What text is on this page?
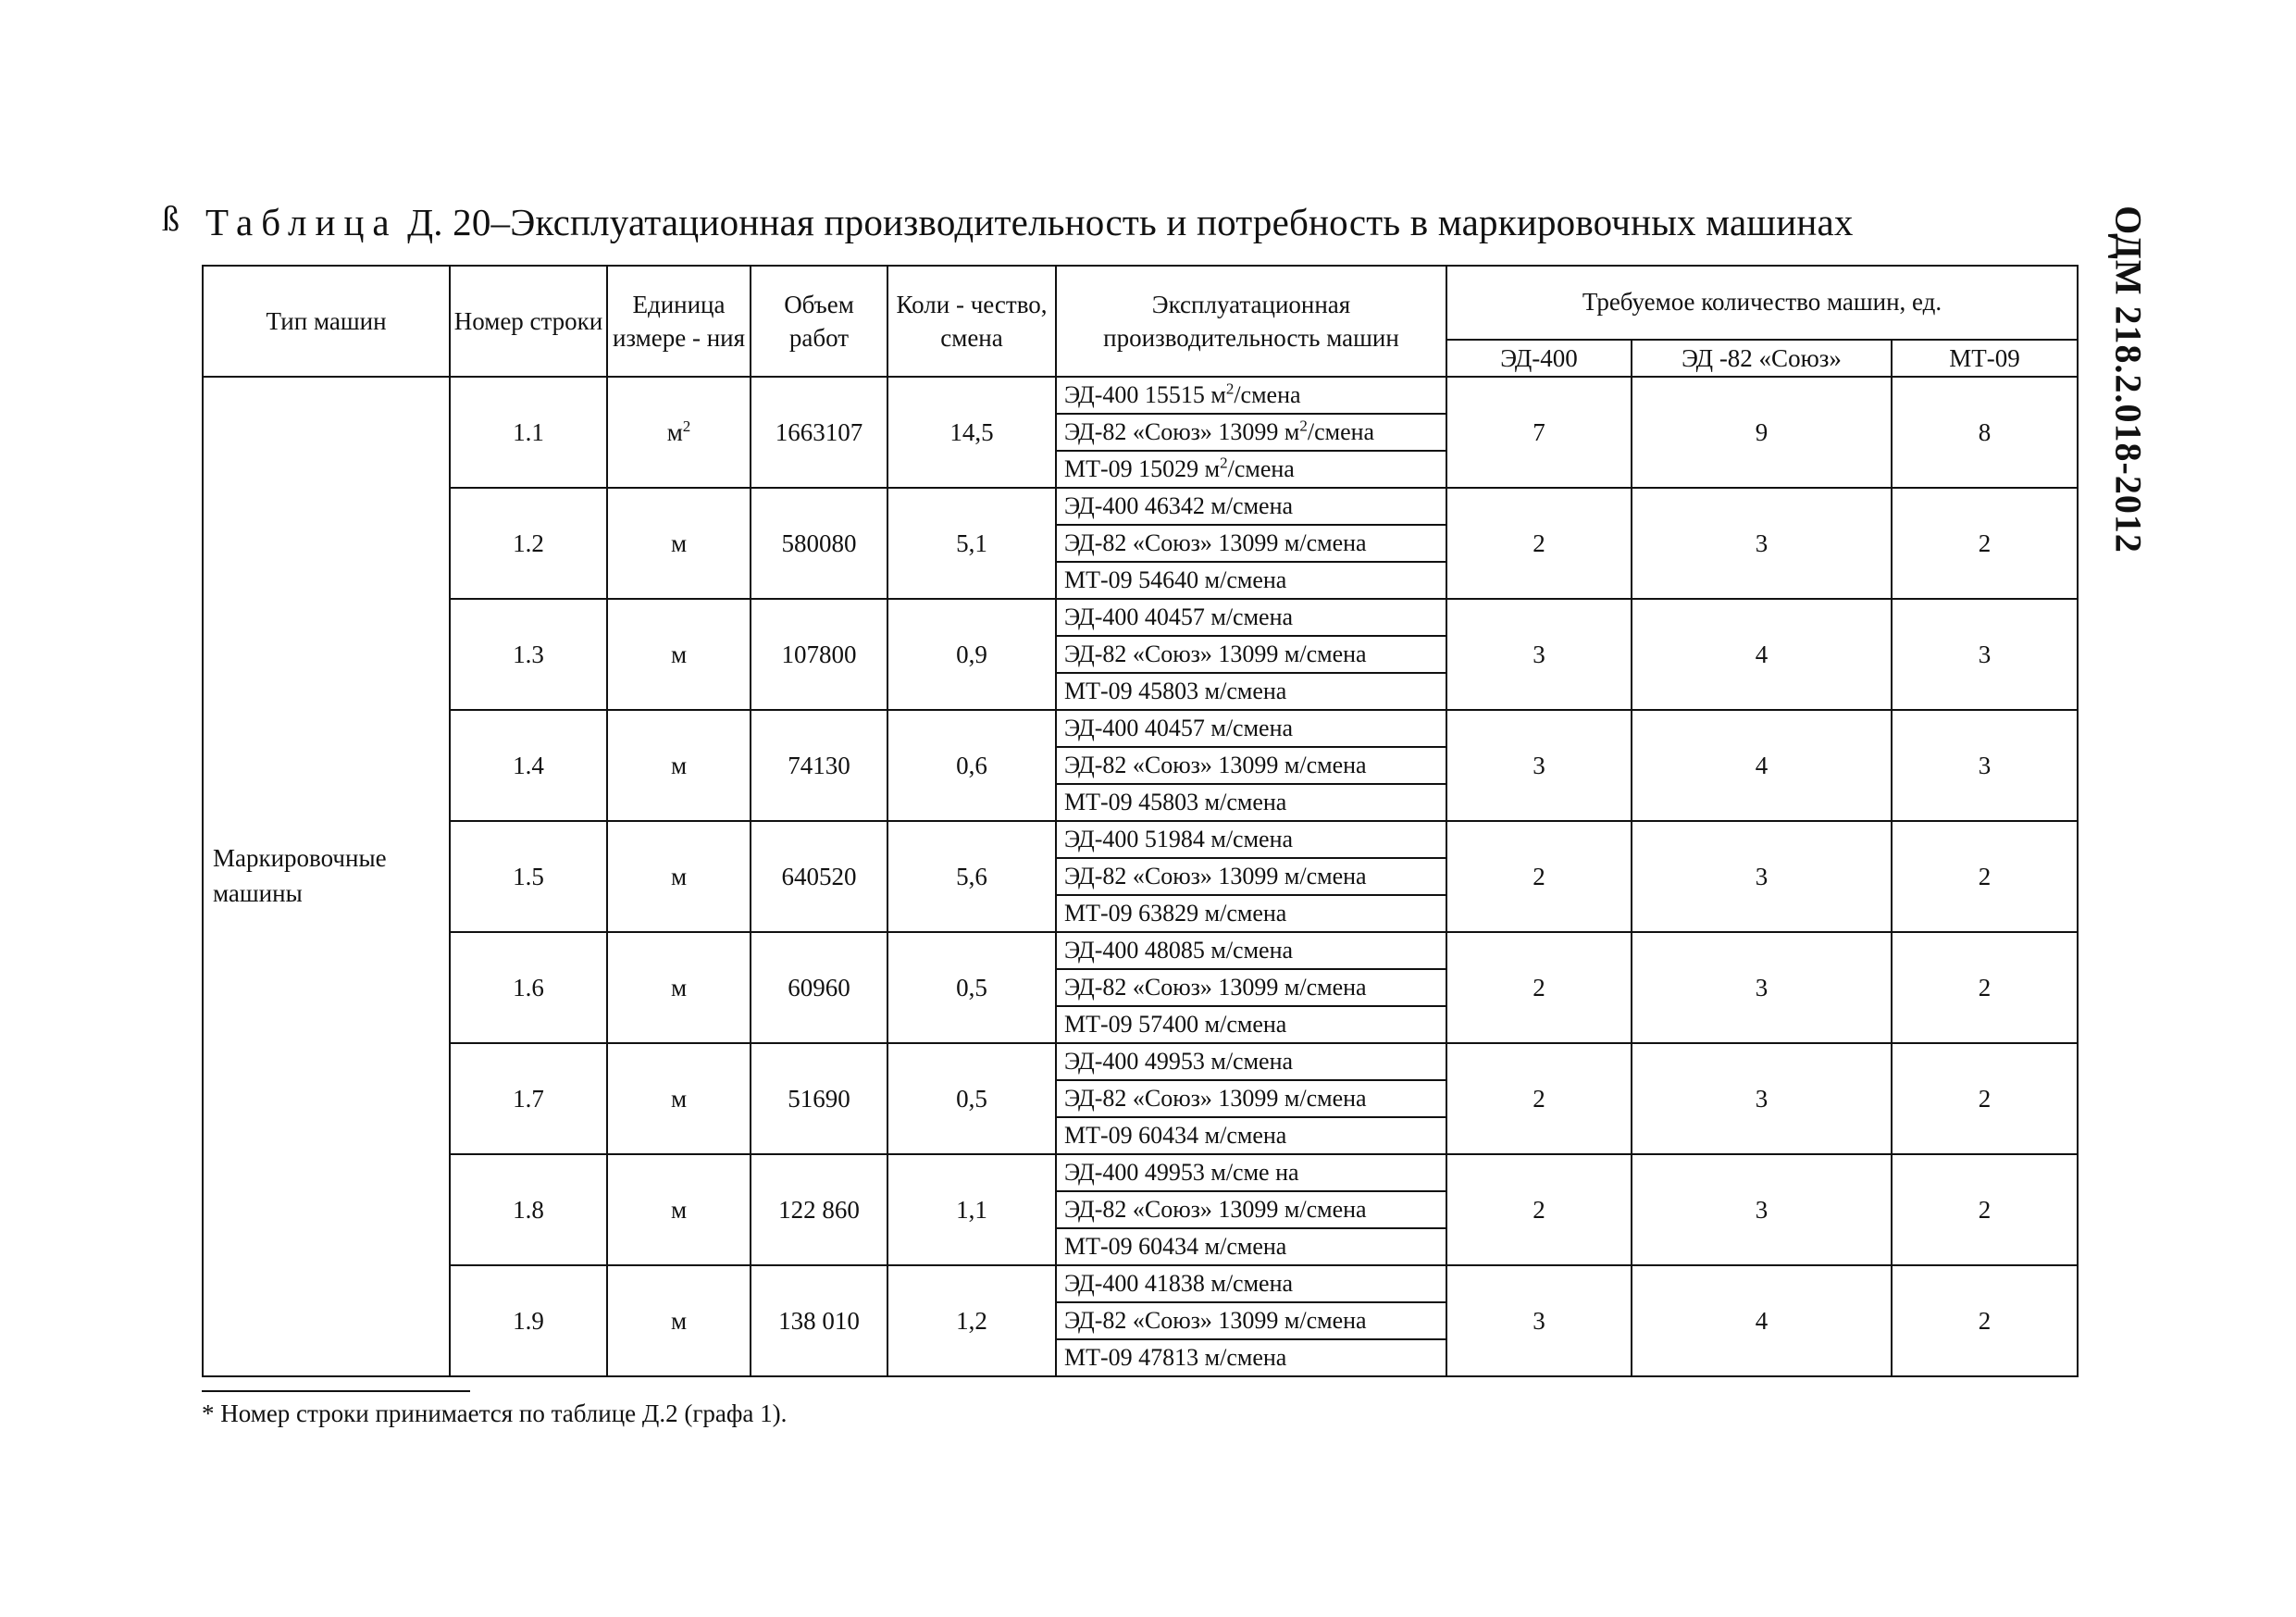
ß Таблица Д. 20–Эксплуатационная производительность и потребность в маркировочных машинах	ОДМ 218.2.018-2012
Тип машин	Номер строки	Единица измере - ния	Объем работ	Коли - чество, смена	Эксплуатационная производительность машин	Требуемое количество машин, ед.		
						ЭД-400	ЭД -82 «Союз»	МТ-09
Маркировочные машины	1.1	$м^2$	1663107	14,5	ЭД-400 15515 $м^2$/смена	7	9	8
					ЭД-82 «Союз» 13099 $м^2$/смена			
					МТ-09 15029 $м^2$/смена			
	1.2	м	580080	5,1	ЭД-400 46342 м/смена	2	3	2
					ЭД-82 «Союз» 13099 м/смена			
					МТ-09 54640 м/смена			
	1.3	м	107800	0,9	ЭД-400 40457 м/смена	3	4	3
					ЭД-82 «Союз» 13099 м/смена			
					МТ-09 45803 м/смена			
	1.4	м	74130	0,6	ЭД-400 40457 м/смена	3	4	3
					ЭД-82 «Союз» 13099 м/смена			
					МТ-09 45803 м/смена			
	1.5	м	640520	5,6	ЭД-400 51984 м/смена	2	3	2
					ЭД-82 «Союз» 13099 м/смена			
					МТ-09 63829 м/смена			
	1.6	м	60960	0,5	ЭД-400 48085 м/смена	2	3	2
					ЭД-82 «Союз» 13099 м/смена			
					МТ-09 57400 м/смена			
	1.7	м	51690	0,5	ЭД-400 49953 м/смена	2	3	2
					ЭД-82 «Союз» 13099 м/смена			
					МТ-09 60434 м/смена			
	1.8	м	122 860	1,1	ЭД-400 49953 м/сме на	2	3	2
					ЭД-82 «Союз» 13099 м/смена			
					МТ-09 60434 м/смена			
	1.9	м	138 010	1,2	ЭД-400 41838 м/смена	3	4	2
					ЭД-82 «Союз» 13099 м/смена			
					МТ-09 47813 м/смена			
* Номер строки принимается по таблице Д.2 (графа 1).
